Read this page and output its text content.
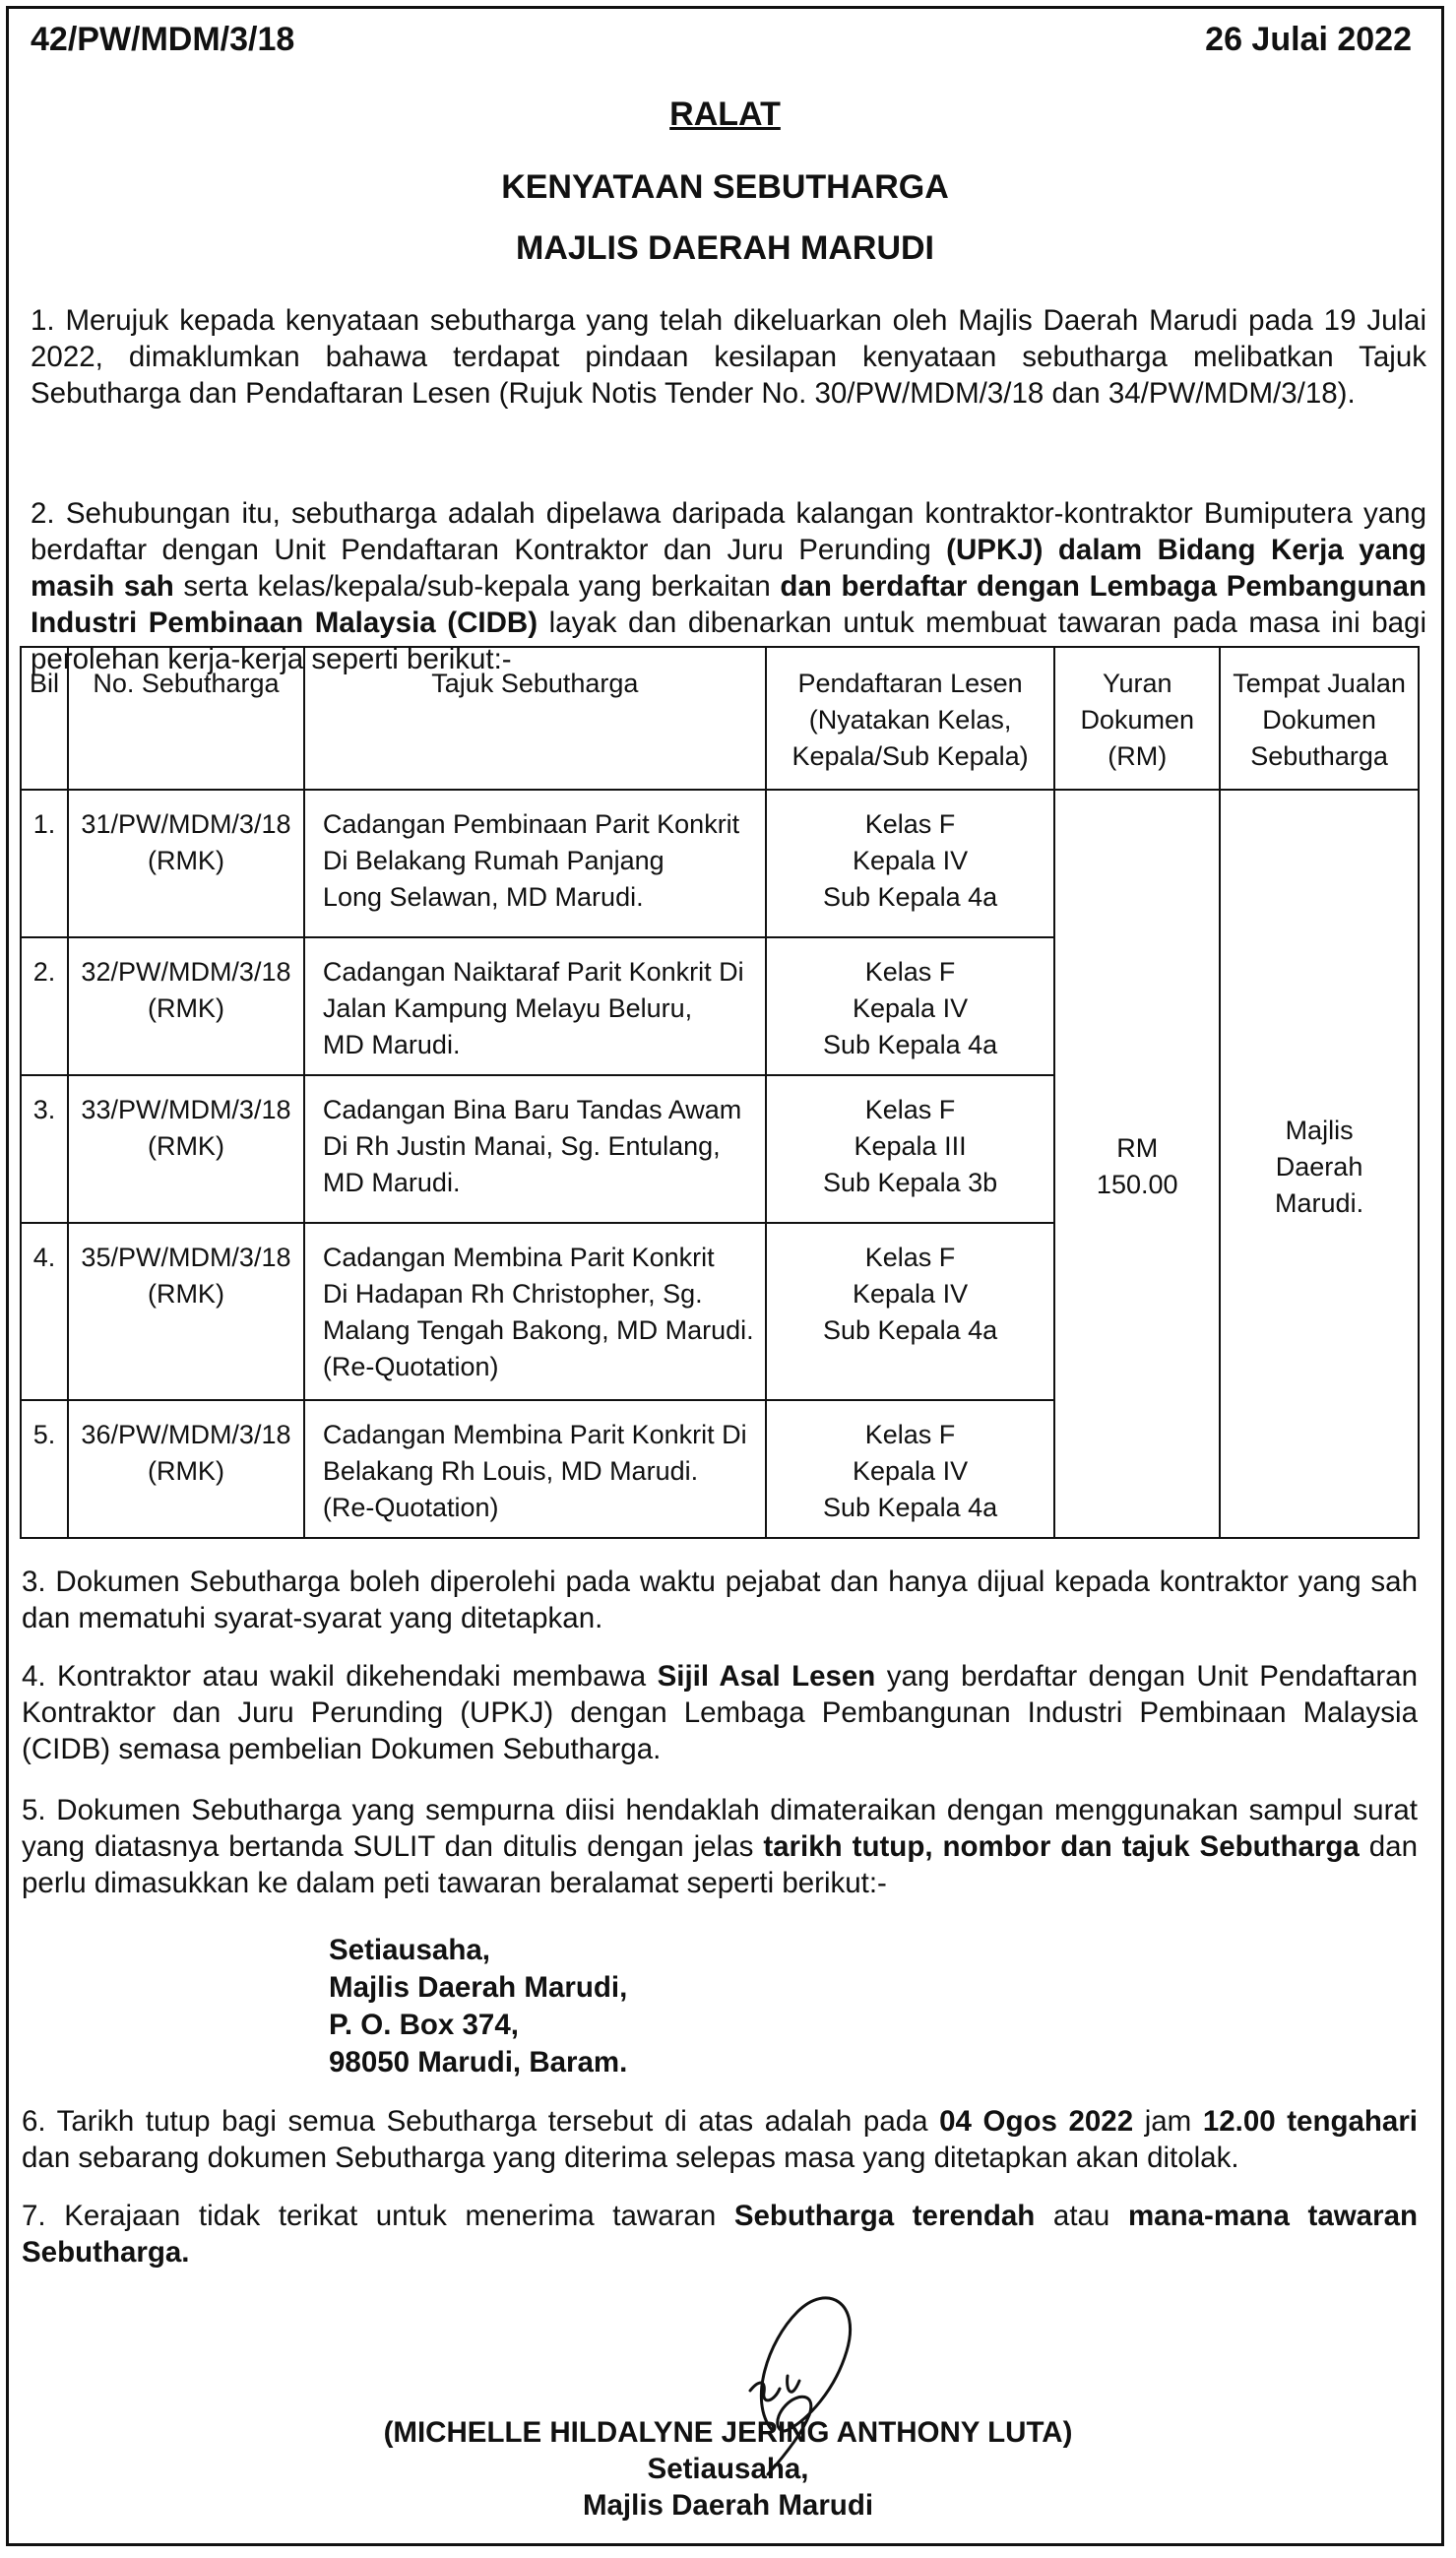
42/PW/MDM/3/18	26 Julai 2022
RALAT
KENYATAAN SEBUTHARGA
MAJLIS DAERAH MARUDI
1. Merujuk kepada kenyataan sebutharga yang telah dikeluarkan oleh Majlis Daerah Marudi pada 19 Julai 2022, dimaklumkan bahawa terdapat pindaan kesilapan kenyataan sebutharga melibatkan Tajuk Sebutharga dan Pendaftaran Lesen (Rujuk Notis Tender No. 30/PW/MDM/3/18 dan 34/PW/MDM/3/18).
2. Sehubungan itu, sebutharga adalah dipelawa daripada kalangan kontraktor-kontraktor Bumiputera yang berdaftar dengan Unit Pendaftaran Kontraktor dan Juru Perunding (UPKJ) dalam Bidang Kerja yang masih sah serta kelas/kepala/sub-kepala yang berkaitan dan berdaftar dengan Lembaga Pembangunan Industri Pembinaan Malaysia (CIDB) layak dan dibenarkan untuk membuat tawaran pada masa ini bagi perolehan kerja-kerja seperti berikut:-
Bil	No. Sebutharga	Tajuk Sebutharga	Pendaftaran Lesen
(Nyatakan Kelas,
Kepala/Sub Kepala)	Yuran
Dokumen
(RM)	Tempat Jualan
Dokumen
Sebutharga

1.	31/PW/MDM/3/18
(RMK)	Cadangan Pembinaan Parit Konkrit
Di Belakang Rumah Panjang
Long Selawan, MD Marudi.	Kelas F
Kepala IV
Sub Kepala 4a	RM
150.00	Majlis
Daerah
Marudi.

2.	32/PW/MDM/3/18
(RMK)	Cadangan Naiktaraf Parit Konkrit Di
Jalan Kampung Melayu Beluru,
MD Marudi.	Kelas F
Kepala IV
Sub Kepala 4a		

3.	33/PW/MDM/3/18
(RMK)	Cadangan Bina Baru Tandas Awam
Di Rh Justin Manai, Sg. Entulang,
MD Marudi.	Kelas F
Kepala III
Sub Kepala 3b		

4.	35/PW/MDM/3/18
(RMK)	Cadangan Membina Parit Konkrit
Di Hadapan Rh Christopher, Sg.
Malang Tengah Bakong, MD Marudi.
(Re-Quotation)	Kelas F
Kepala IV
Sub Kepala 4a		

5.	36/PW/MDM/3/18
(RMK)	Cadangan Membina Parit Konkrit Di
Belakang Rh Louis, MD Marudi.
(Re-Quotation)	Kelas F
Kepala IV
Sub Kepala 4a		
3. Dokumen Sebutharga boleh diperolehi pada waktu pejabat dan hanya dijual kepada kontraktor yang sah dan mematuhi syarat-syarat yang ditetapkan.
4. Kontraktor atau wakil dikehendaki membawa Sijil Asal Lesen yang berdaftar dengan Unit Pendaftaran Kontraktor dan Juru Perunding (UPKJ) dengan Lembaga Pembangunan Industri Pembinaan Malaysia (CIDB) semasa pembelian Dokumen Sebutharga.
5. Dokumen Sebutharga yang sempurna diisi hendaklah dimateraikan dengan menggunakan sampul surat yang diatasnya bertanda SULIT dan ditulis dengan jelas tarikh tutup, nombor dan tajuk Sebutharga dan perlu dimasukkan ke dalam peti tawaran beralamat seperti berikut:-
Setiausaha,
Majlis Daerah Marudi,
P. O. Box 374,
98050 Marudi, Baram.
6. Tarikh tutup bagi semua Sebutharga tersebut di atas adalah pada 04 Ogos 2022 jam 12.00 tengahari dan sebarang dokumen Sebutharga yang diterima selepas masa yang ditetapkan akan ditolak.
7. Kerajaan tidak terikat untuk menerima tawaran Sebutharga terendah atau mana-mana tawaran Sebutharga.
(MICHELLE HILDALYNE JERING ANTHONY LUTA)
Setiausaha,
Majlis Daerah Marudi
